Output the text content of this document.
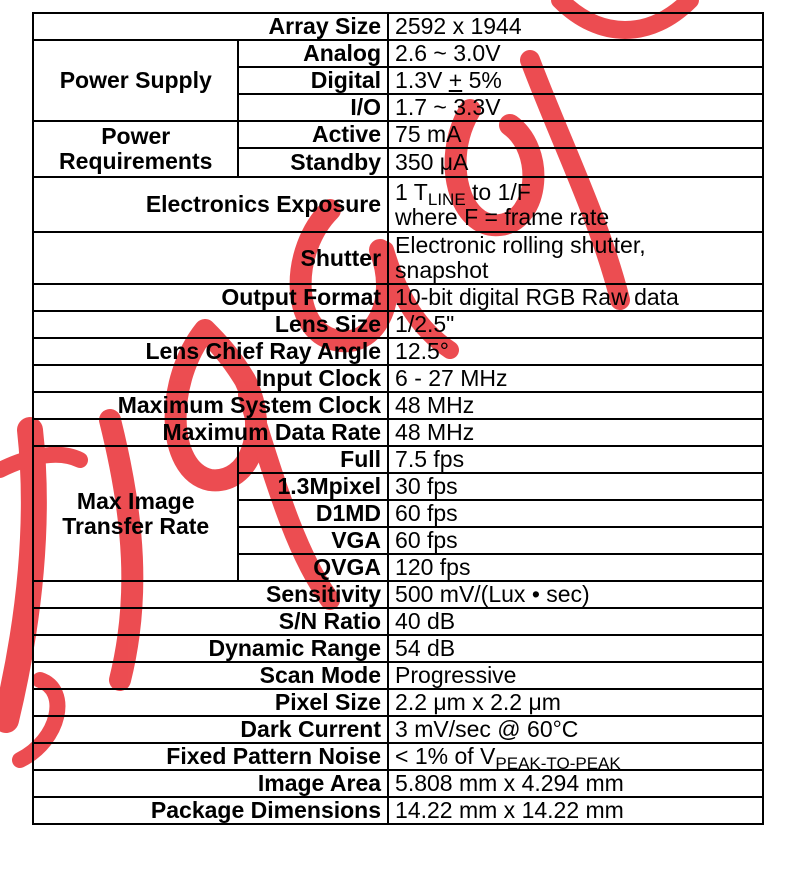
Array Size		2592 x 1944
Power Supply	Analog	2.6 ~ 3.0V
	Digital	1.3V + 5%
	I/O	1.7 ~ 3.3V

Power
Requirements	Active	75 mA
	Standby	350 μA
Electronics Exposure		1 $T_{LINE}$ to 1/F
where F = frame rate

Shutter		Electronic rolling shutter,
snapshot

Output Format		10-bit digital RGB Raw data
Lens Size		1/2.5"
Lens Chief Ray Angle		12.5°
Input Clock		6 - 27 MHz
Maximum System Clock		48 MHz
Maximum Data Rate		48 MHz

Max Image
Transfer Rate	Full	7.5 fps
	1.3Mpixel	30 fps
	D1MD	60 fps
	VGA	60 fps
	QVGA	120 fps
Sensitivity		500 mV/(Lux • sec)
S/N Ratio		40 dB
Dynamic Range		54 dB
Scan Mode		Progressive
Pixel Size		2.2 μm x 2.2 μm
Dark Current		3 mV/sec @ 60°C
Fixed Pattern Noise		< 1% of $V_{PEAK-TO-PEAK}$
Image Area		5.808 mm x 4.294 mm
Package Dimensions		14.22 mm x 14.22 mm
